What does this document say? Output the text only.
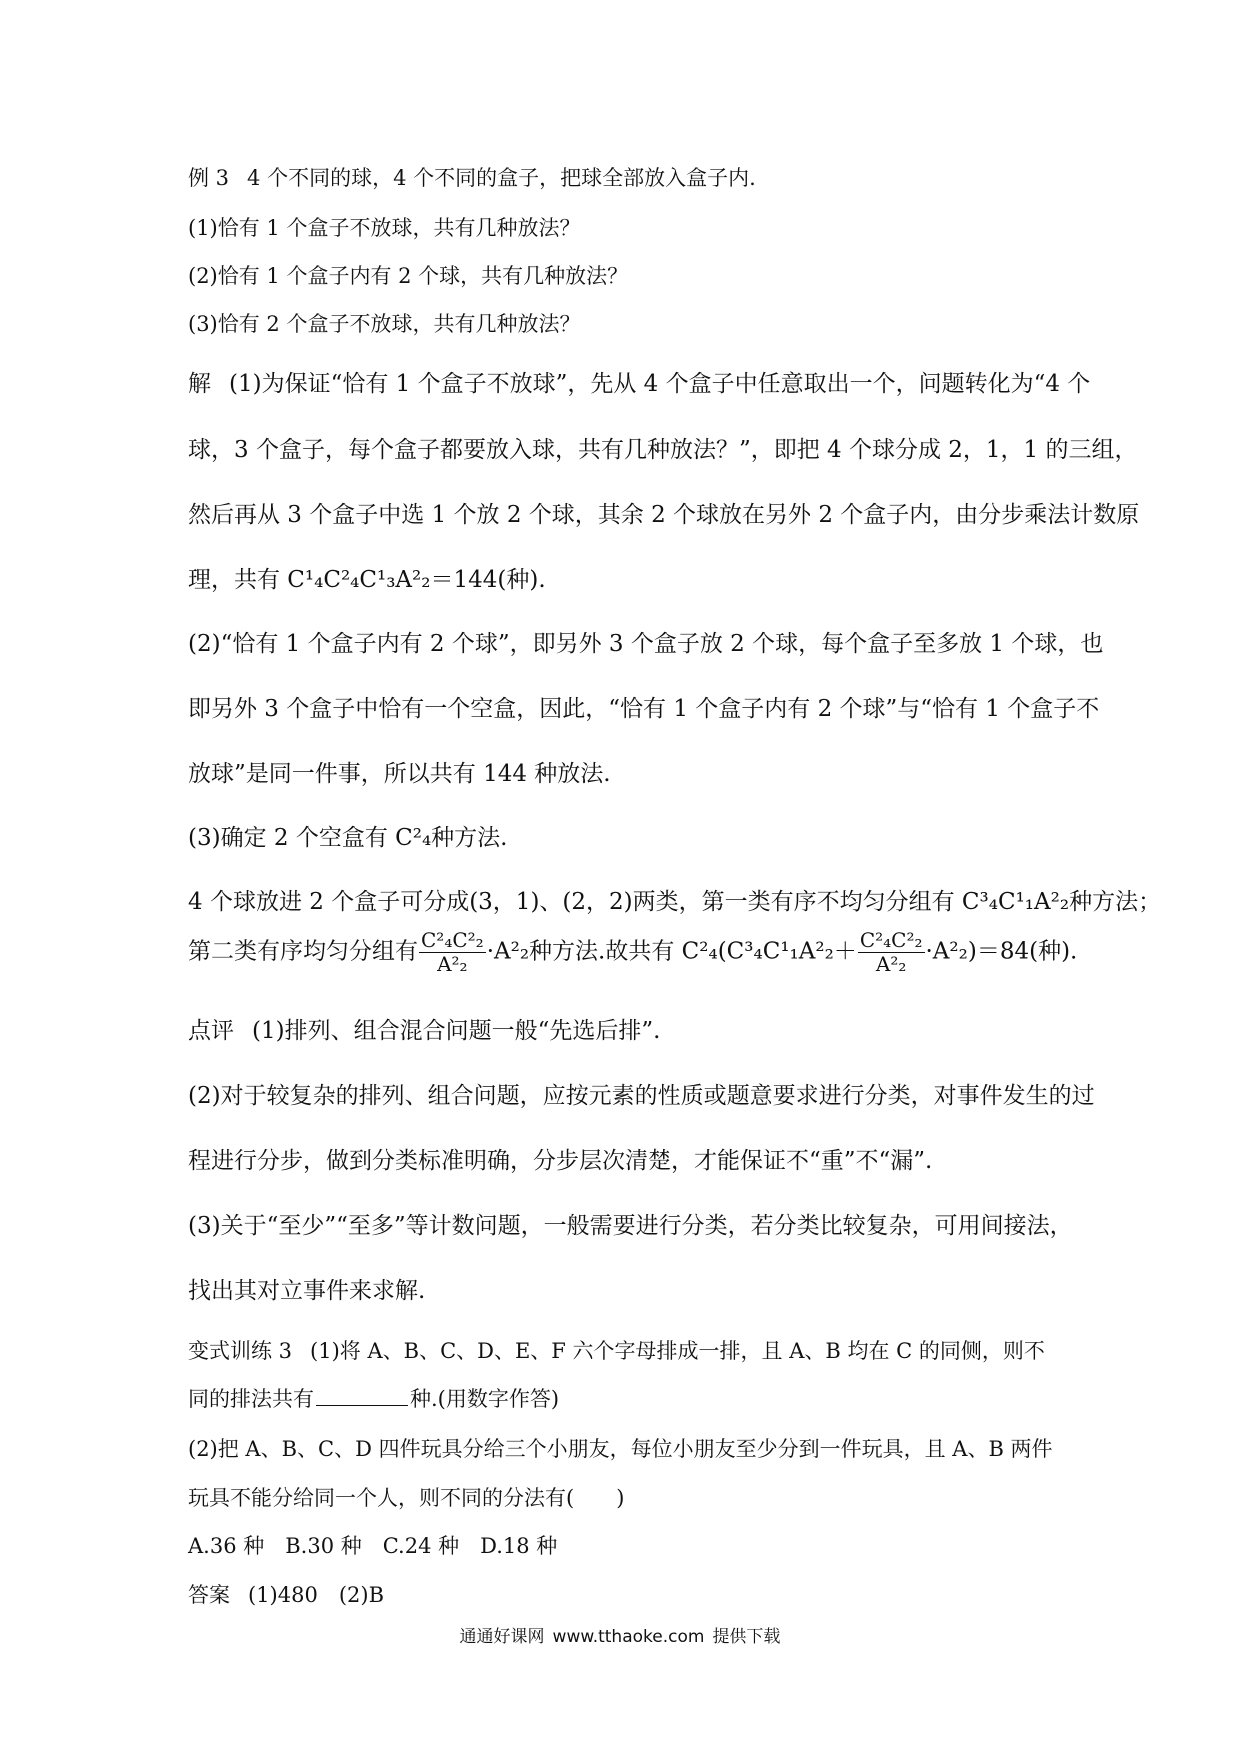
例 3 4 个不同的球，4 个不同的盒子，把球全部放入盒子内.
(1)恰有 1 个盒子不放球，共有几种放法？
(2)恰有 1 个盒子内有 2 个球，共有几种放法？
(3)恰有 2 个盒子不放球，共有几种放法？
解 (1)为保证“恰有 1 个盒子不放球”，先从 4 个盒子中任意取出一个，问题转化为“4 个
球，3 个盒子，每个盒子都要放入球，共有几种放法？”，即把 4 个球分成 2，1，1 的三组，
然后再从 3 个盒子中选 1 个放 2 个球，其余 2 个球放在另外 2 个盒子内，由分步乘法计数原
理，共有 C¹₄C²₄C¹₃A²₂＝144(种).
(2)“恰有 1 个盒子内有 2 个球”，即另外 3 个盒子放 2 个球，每个盒子至多放 1 个球，也
即另外 3 个盒子中恰有一个空盒，因此，“恰有 1 个盒子内有 2 个球”与“恰有 1 个盒子不
放球”是同一件事，所以共有 144 种放法.
(3)确定 2 个空盒有 C²₄种方法.
4 个球放进 2 个盒子可分成(3，1)、(2，2)两类，第一类有序不均匀分组有 C³₄C¹₁A²₂种方法；
第二类有序均匀分组有 $\frac{\text{C²₄C²₂}}{\text{A²₂}} \cdot A^2_2$种方法.故共有 $C^2_4(C^3_4C^1_1A^2_2+ \frac{\text{C²₄C²₂}}{\text{A²₂}} \cdot A^2_2)=84$(种).
点评 (1)排列、组合混合问题一般“先选后排”.
(2)对于较复杂的排列、组合问题，应按元素的性质或题意要求进行分类，对事件发生的过
程进行分步，做到分类标准明确，分步层次清楚，才能保证不“重”不“漏”.
(3)关于“至少”“至多”等计数问题，一般需要进行分类，若分类比较复杂，可用间接法，
找出其对立事件来求解.
变式训练 3 (1)将 A、B、C、D、E、F 六个字母排成一排，且 A、B 均在 C 的同侧，则不
同的排法共有	种.(用数字作答)
(2)把 A、B、C、D 四件玩具分给三个小朋友，每位小朋友至少分到一件玩具，且 A、B 两件
玩具不能分给同一个人，则不同的分法有(　　)
A.36 种　B.30 种　C.24 种　D.18 种
答案 (1)480　(2)B
通通好课网 www.tthaoke.com 提供下载
